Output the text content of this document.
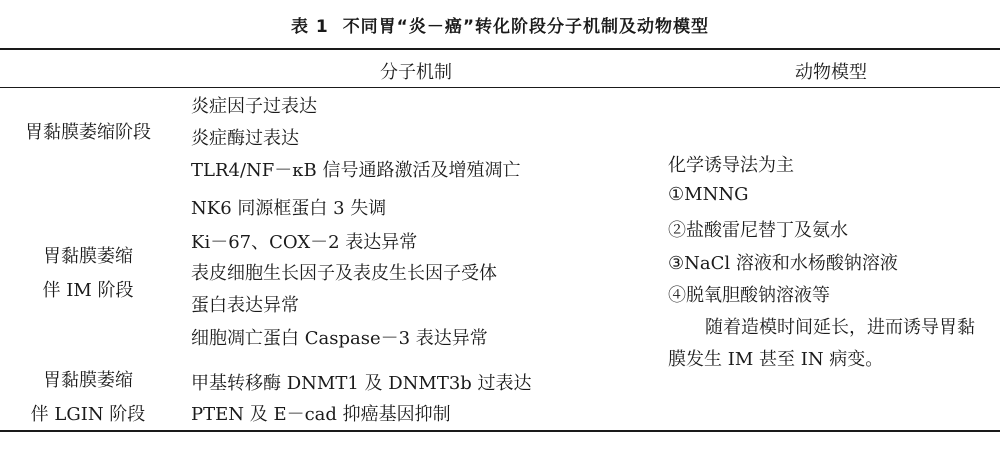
表 1 不同胃“炎－癌”转化阶段分子机制及动物模型
分子机制	动物模型
胃黏膜萎缩阶段
胃黏膜萎缩
伴 IM 阶段
胃黏膜萎缩
伴 LGIN 阶段
炎症因子过表达
炎症酶过表达
TLR4/NF－κB 信号通路激活及增殖凋亡
NK6 同源框蛋白 3 失调
Ki－67、COX－2 表达异常
表皮细胞生长因子及表皮生长因子受体
蛋白表达异常
细胞凋亡蛋白 Caspase－3 表达异常
甲基转移酶 DNMT1 及 DNMT3b 过表达
PTEN 及 E－cad 抑癌基因抑制
化学诱导法为主
①MNNG
②盐酸雷尼替丁及氨水
③NaCl 溶液和水杨酸钠溶液
④脱氧胆酸钠溶液等
随着造模时间延长，进而诱导胃黏
膜发生 IM 甚至 IN 病变。
